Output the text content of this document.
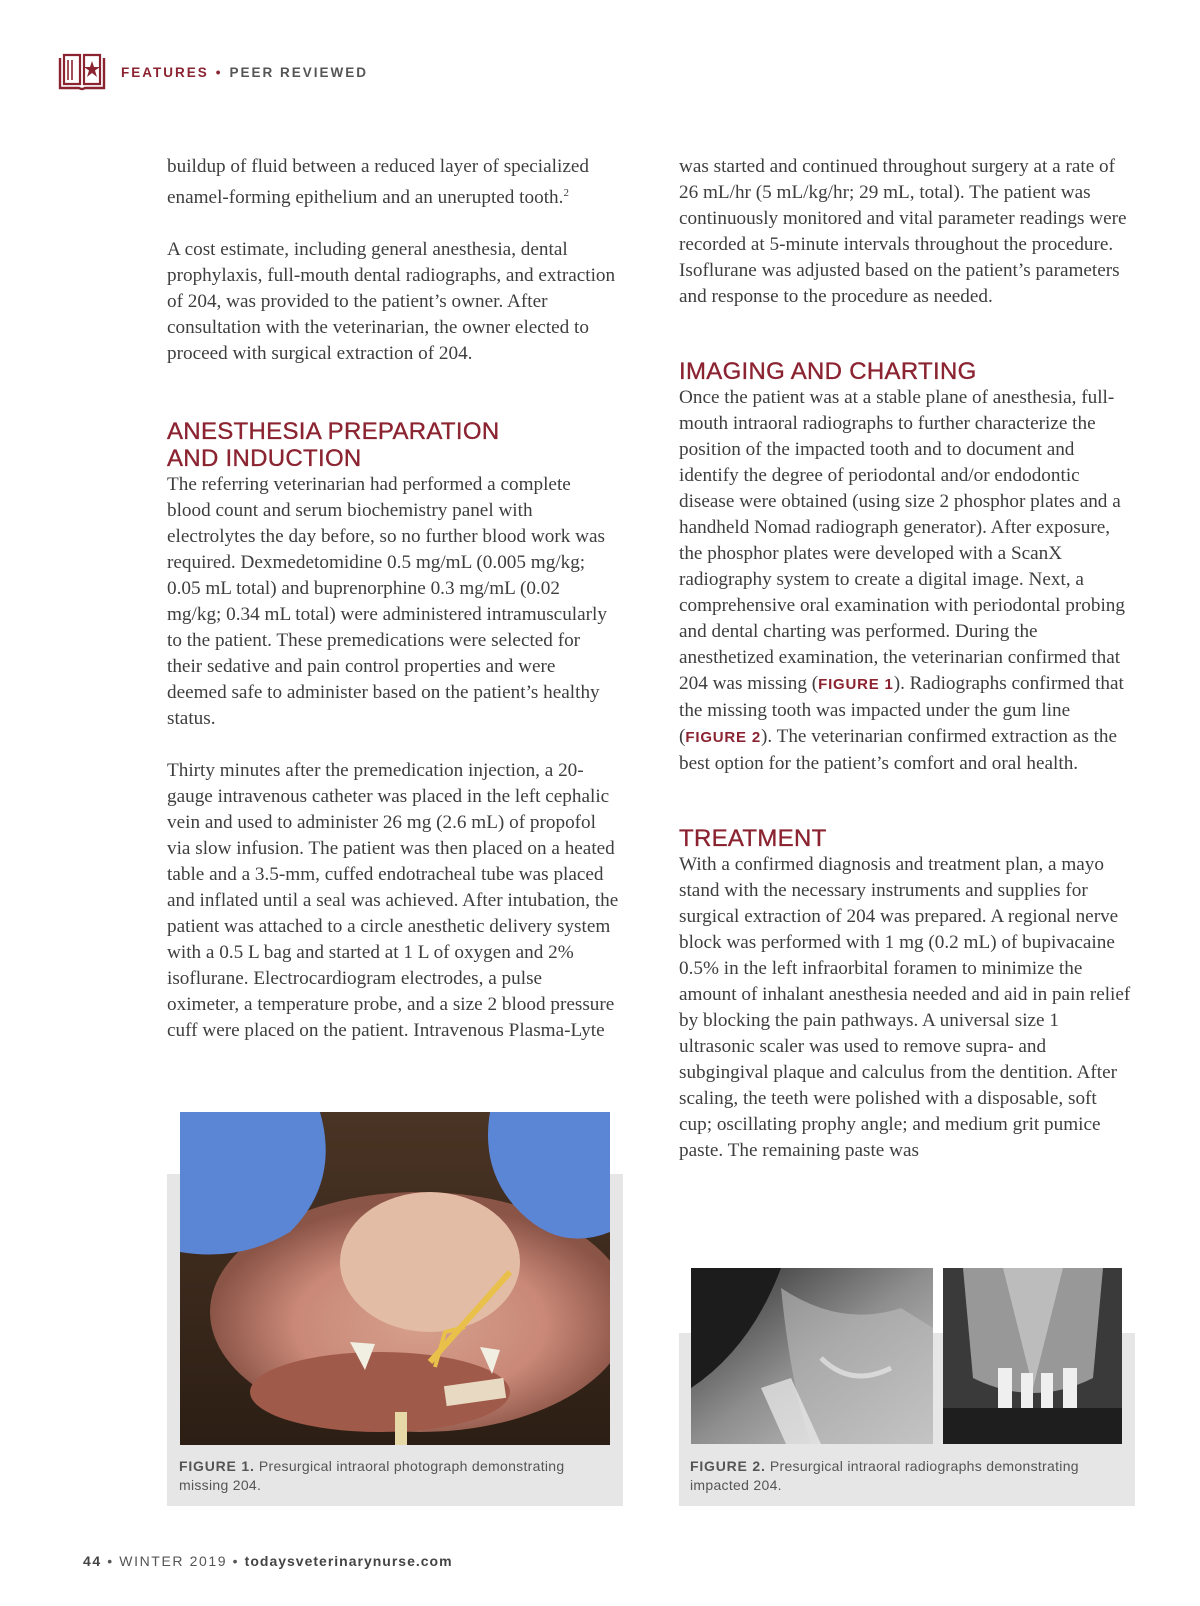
FEATURES • PEER REVIEWED

buildup of fluid between a reduced layer of specialized enamel-forming epithelium and an unerupted tooth.$^2$

A cost estimate, including general anesthesia, dental prophylaxis, full-mouth dental radiographs, and extraction of 204, was provided to the patient’s owner. After consultation with the veterinarian, the owner elected to proceed with surgical extraction of 204.

ANESTHESIA PREPARATION AND INDUCTION

The referring veterinarian had performed a complete blood count and serum biochemistry panel with electrolytes the day before, so no further blood work was required. Dexmedetomidine 0.5 mg/mL (0.005 mg/kg; 0.05 mL total) and buprenorphine 0.3 mg/mL (0.02 mg/kg; 0.34 mL total) were administered intramuscularly to the patient. These premedications were selected for their sedative and pain control properties and were deemed safe to administer based on the patient’s healthy status.

Thirty minutes after the premedication injection, a 20-gauge intravenous catheter was placed in the left cephalic vein and used to administer 26 mg (2.6 mL) of propofol via slow infusion. The patient was then placed on a heated table and a 3.5-mm, cuffed endotracheal tube was placed and inflated until a seal was achieved. After intubation, the patient was attached to a circle anesthetic delivery system with a 0.5 L bag and started at 1 L of oxygen and 2% isoflurane. Electrocardiogram electrodes, a pulse oximeter, a temperature probe, and a size 2 blood pressure cuff were placed on the patient. Intravenous Plasma-Lyte

was started and continued throughout surgery at a rate of 26 mL/hr (5 mL/kg/hr; 29 mL, total). The patient was continuously monitored and vital parameter readings were recorded at 5-minute intervals throughout the procedure. Isoflurane was adjusted based on the patient’s parameters and response to the procedure as needed.

IMAGING AND CHARTING

Once the patient was at a stable plane of anesthesia, full-mouth intraoral radiographs to further characterize the position of the impacted tooth and to document and identify the degree of periodontal and/or endodontic disease were obtained (using size 2 phosphor plates and a handheld Nomad radiograph generator). After exposure, the phosphor plates were developed with a ScanX radiography system to create a digital image. Next, a comprehensive oral examination with periodontal probing and dental charting was performed. During the anesthetized examination, the veterinarian confirmed that 204 was missing (FIGURE 1). Radiographs confirmed that the missing tooth was impacted under the gum line (FIGURE 2). The veterinarian confirmed extraction as the best option for the patient’s comfort and oral health.

TREATMENT

With a confirmed diagnosis and treatment plan, a mayo stand with the necessary instruments and supplies for surgical extraction of 204 was prepared. A regional nerve block was performed with 1 mg (0.2 mL) of bupivacaine 0.5% in the left infraorbital foramen to minimize the amount of inhalant anesthesia needed and aid in pain relief by blocking the pain pathways. A universal size 1 ultrasonic scaler was used to remove supra- and subgingival plaque and calculus from the dentition. After scaling, the teeth were polished with a disposable, soft cup; oscillating prophy angle; and medium grit pumice paste. The remaining paste was

FIGURE 1. Presurgical intraoral photograph demonstrating missing 204.
FIGURE 2. Presurgical intraoral radiographs demonstrating impacted 204.
44 • WINTER 2019 • todaysveterinarynurse.com
